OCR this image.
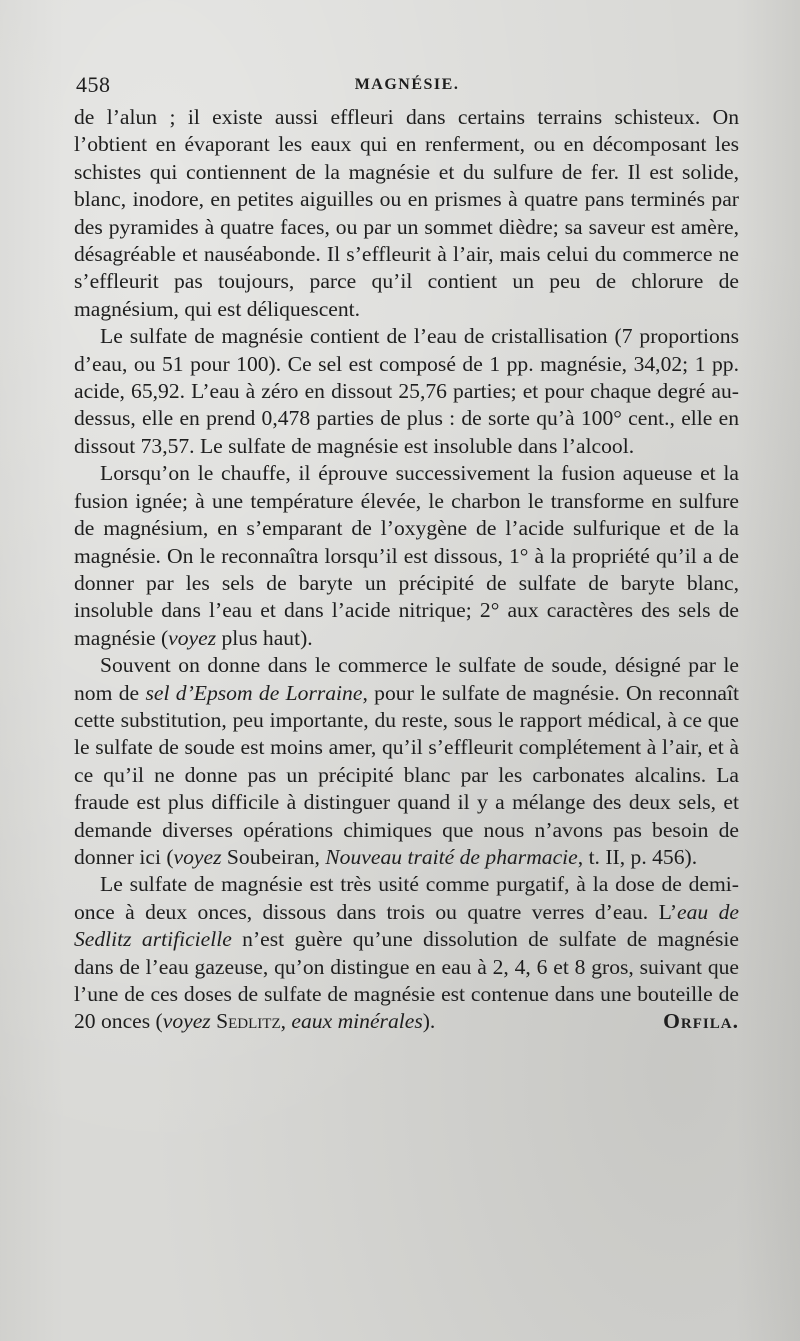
458	MAGNÉSIE.

de l’alun ; il existe aussi effleuri dans certains terrains schisteux. On l’obtient en évaporant les eaux qui en renferment, ou en décomposant les schistes qui contiennent de la magnésie et du sulfure de fer. Il est solide, blanc, inodore, en petites aiguilles ou en prismes à quatre pans terminés par des pyramides à quatre faces, ou par un sommet dièdre; sa saveur est amère, désagréable et nauséabonde. Il s’effleurit à l’air, mais celui du commerce ne s’effleurit pas toujours, parce qu’il contient un peu de chlorure de magnésium, qui est déliquescent.

Le sulfate de magnésie contient de l’eau de cristallisation (7 proportions d’eau, ou 51 pour 100). Ce sel est composé de 1 pp. magnésie, 34,02; 1 pp. acide, 65,92. L’eau à zéro en dissout 25,76 parties; et pour chaque degré au-dessus, elle en prend 0,478 parties de plus : de sorte qu’à 100° cent., elle en dissout 73,57. Le sulfate de magnésie est insoluble dans l’alcool.

Lorsqu’on le chauffe, il éprouve successivement la fusion aqueuse et la fusion ignée; à une température élevée, le charbon le transforme en sulfure de magnésium, en s’emparant de l’oxygène de l’acide sulfurique et de la magnésie. On le reconnaîtra lorsqu’il est dissous, 1° à la propriété qu’il a de donner par les sels de baryte un précipité de sulfate de baryte blanc, insoluble dans l’eau et dans l’acide nitrique; 2° aux caractères des sels de magnésie (voyez plus haut).

Souvent on donne dans le commerce le sulfate de soude, désigné par le nom de sel d’Epsom de Lorraine, pour le sulfate de magnésie. On reconnaît cette substitution, peu importante, du reste, sous le rapport médical, à ce que le sulfate de soude est moins amer, qu’il s’effleurit complétement à l’air, et à ce qu’il ne donne pas un précipité blanc par les carbonates alcalins. La fraude est plus difficile à distinguer quand il y a mélange des deux sels, et demande diverses opérations chimiques que nous n’avons pas besoin de donner ici (voyez Soubeiran, Nouveau traité de pharmacie, t. II, p. 456).

Le sulfate de magnésie est très usité comme purgatif, à la dose de demi-once à deux onces, dissous dans trois ou quatre verres d’eau. L’eau de Sedlitz artificielle n’est guère qu’une dissolution de sulfate de magnésie dans de l’eau gazeuse, qu’on distingue en eau à 2, 4, 6 et 8 gros, suivant que l’une de ces doses de sulfate de magnésie est contenue dans une bouteille de 20 onces (voyez Sedlitz, eaux minérales).	Orfila.
